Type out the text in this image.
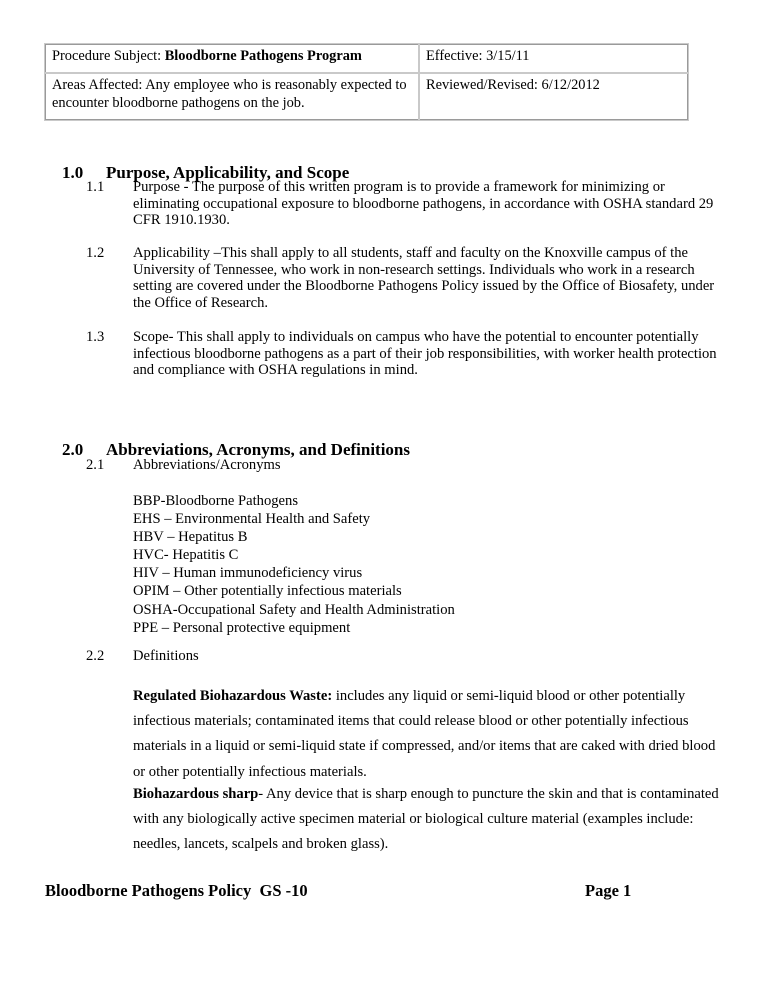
Procedure Subject: Bloodborne Pathogens Program	Effective: 3/15/11
Areas Affected: Any employee who is reasonably expected to encounter bloodborne pathogens on the job.	Reviewed/Revised: 6/12/2012

1.0 Purpose, Applicability, and Scope

1.1	Purpose - The purpose of this written program is to provide a framework for minimizing or eliminating occupational exposure to bloodborne pathogens, in accordance with OSHA standard 29 CFR 1910.1930.
1.2	Applicability –This shall apply to all students, staff and faculty on the Knoxville campus of the University of Tennessee, who work in non-research settings. Individuals who work in a research setting are covered under the Bloodborne Pathogens Policy issued by the Office of Biosafety, under the Office of Research.
1.3	Scope- This shall apply to individuals on campus who have the potential to encounter potentially infectious bloodborne pathogens as a part of their job responsibilities, with worker health protection and compliance with OSHA regulations in mind.

2.0 Abbreviations, Acronyms, and Definitions

2.1	Abbreviations/Acronyms
BBP-Bloodborne Pathogens
EHS – Environmental Health and Safety
HBV – Hepatitus B
HVC- Hepatitis C
HIV – Human immunodeficiency virus
OPIM – Other potentially infectious materials
OSHA-Occupational Safety and Health Administration
PPE – Personal protective equipment
2.2	Definitions
Regulated Biohazardous Waste: includes any liquid or semi-liquid blood or other potentially infectious materials; contaminated items that could release blood or other potentially infectious materials in a liquid or semi-liquid state if compressed, and/or items that are caked with dried blood or other potentially infectious materials.
Biohazardous sharp- Any device that is sharp enough to puncture the skin and that is contaminated with any biologically active specimen material or biological culture material (examples include: needles, lancets, scalpels and broken glass).
Bloodborne Pathogens Policy  GS -10	Page 1
